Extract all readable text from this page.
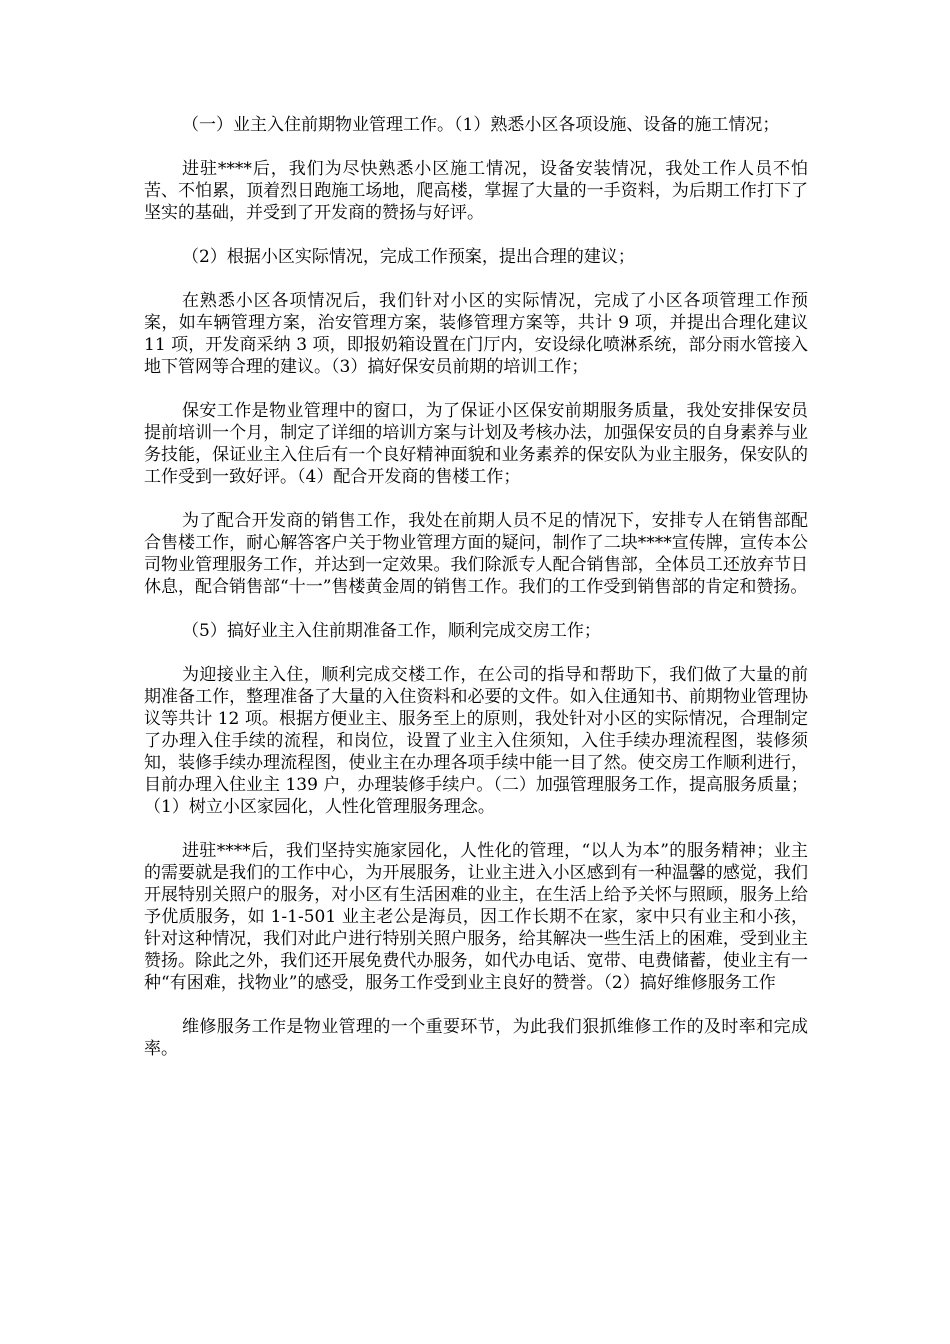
（一）业主入住前期物业管理工作。（1）熟悉小区各项设施、设备的施工情况；

进驻****后，我们为尽快熟悉小区施工情况，设备安装情况，我处工作人员不怕苦、不怕累，顶着烈日跑施工场地，爬高楼，掌握了大量的一手资料，为后期工作打下了坚实的基础，并受到了开发商的赞扬与好评。

（2）根据小区实际情况，完成工作预案，提出合理的建议；

在熟悉小区各项情况后，我们针对小区的实际情况，完成了小区各项管理工作预案，如车辆管理方案，治安管理方案，装修管理方案等，共计 9 项，并提出合理化建议 11 项，开发商采纳 3 项，即报奶箱设置在门厅内，安设绿化喷淋系统，部分雨水管接入地下管网等合理的建议。（3）搞好保安员前期的培训工作；

保安工作是物业管理中的窗口，为了保证小区保安前期服务质量，我处安排保安员提前培训一个月，制定了详细的培训方案与计划及考核办法，加强保安员的自身素养与业务技能，保证业主入住后有一个良好精神面貌和业务素养的保安队为业主服务，保安队的工作受到一致好评。（4）配合开发商的售楼工作；

为了配合开发商的销售工作，我处在前期人员不足的情况下，安排专人在销售部配合售楼工作，耐心解答客户关于物业管理方面的疑问，制作了二块****宣传牌，宣传本公司物业管理服务工作，并达到一定效果。我们除派专人配合销售部，全体员工还放弃节日休息，配合销售部“十一”售楼黄金周的销售工作。我们的工作受到销售部的肯定和赞扬。

（5）搞好业主入住前期准备工作，顺利完成交房工作；

为迎接业主入住，顺利完成交楼工作，在公司的指导和帮助下，我们做了大量的前期准备工作，整理准备了大量的入住资料和必要的文件。如入住通知书、前期物业管理协议等共计 12 项。根据方便业主、服务至上的原则，我处针对小区的实际情况，合理制定了办理入住手续的流程，和岗位，设置了业主入住须知，入住手续办理流程图，装修须知，装修手续办理流程图，使业主在办理各项手续中能一目了然。使交房工作顺利进行，目前办理入住业主 139 户，办理装修手续户。（二）加强管理服务工作，提高服务质量；（1）树立小区家园化，人性化管理服务理念。

进驻****后，我们坚持实施家园化，人性化的管理，“以人为本”的服务精神；业主的需要就是我们的工作中心，为开展服务，让业主进入小区感到有一种温馨的感觉，我们开展特别关照户的服务，对小区有生活困难的业主，在生活上给予关怀与照顾，服务上给予优质服务，如 1-1-501 业主老公是海员，因工作长期不在家，家中只有业主和小孩，针对这种情况，我们对此户进行特别关照户服务，给其解决一些生活上的困难，受到业主赞扬。除此之外，我们还开展免费代办服务，如代办电话、宽带、电费储蓄，使业主有一种“有困难，找物业”的感受，服务工作受到业主良好的赞誉。（2）搞好维修服务工作

维修服务工作是物业管理的一个重要环节，为此我们狠抓维修工作的及时率和完成率。
